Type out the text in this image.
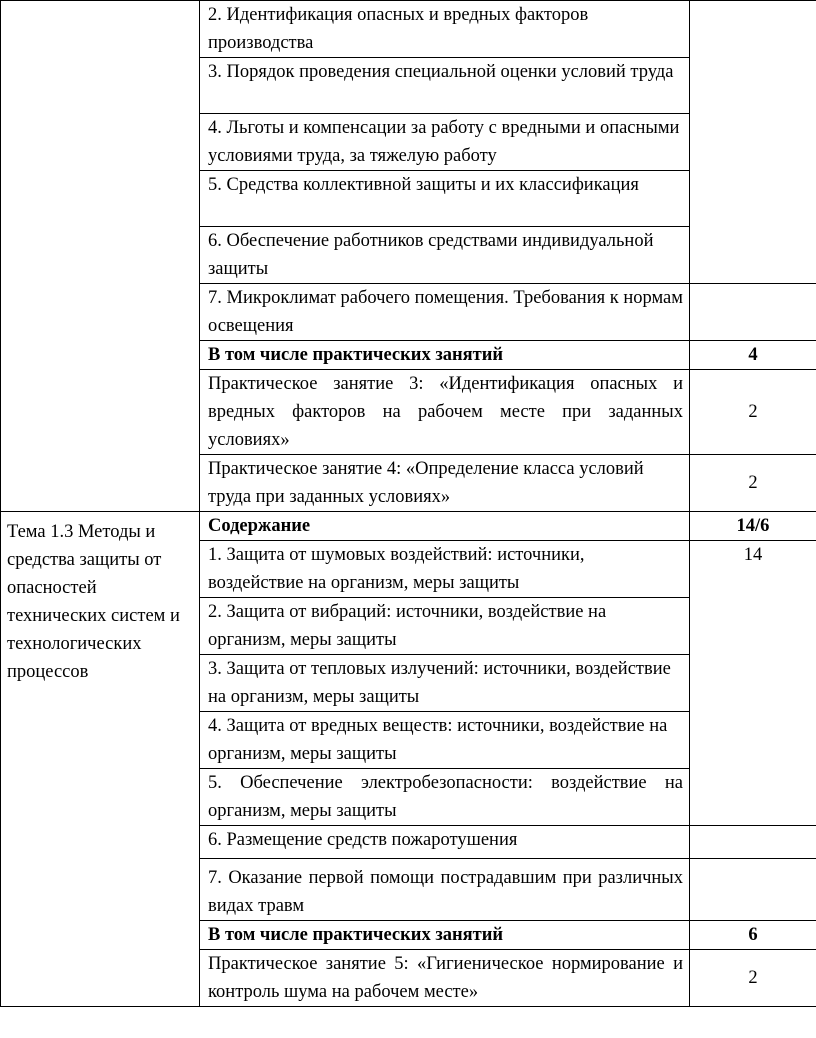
	2. Идентификация опасных и вредных факторов производства	
	3. Порядок проведения специальной оценки условий труда	
	4. Льготы и компенсации за работу с вредными и опасными условиями труда, за тяжелую работу	
	5. Средства коллективной защиты и их классификация	
	6. Обеспечение работников средствами индивидуальной защиты	
	7. Микроклимат рабочего помещения. Требования к нормам освещения	
	В том числе практических занятий	4
	Практическое занятие 3: «Идентификация опасных и вредных факторов на рабочем месте при заданных условиях»	2
	Практическое занятие 4: «Определение класса условий труда при заданных условиях»	2
Тема 1.3 Методы и средства защиты от опасностей технических систем и технологических процессов	Содержание	14/6
	1. Защита от шумовых воздействий: источники, воздействие на организм, меры защиты	14
	2. Защита от вибраций: источники, воздействие на организм, меры защиты	
	3. Защита от тепловых излучений: источники, воздействие на организм, меры защиты	
	4. Защита от вредных веществ: источники, воздействие на организм, меры защиты	
	5. Обеспечение электробезопасности: воздействие на организм, меры защиты	
	6. Размещение средств пожаротушения	
	7. Оказание первой помощи пострадавшим при различных видах травм	
	В том числе практических занятий	6
	Практическое занятие 5: «Гигиеническое нормирование и контроль шума на рабочем месте»	2
